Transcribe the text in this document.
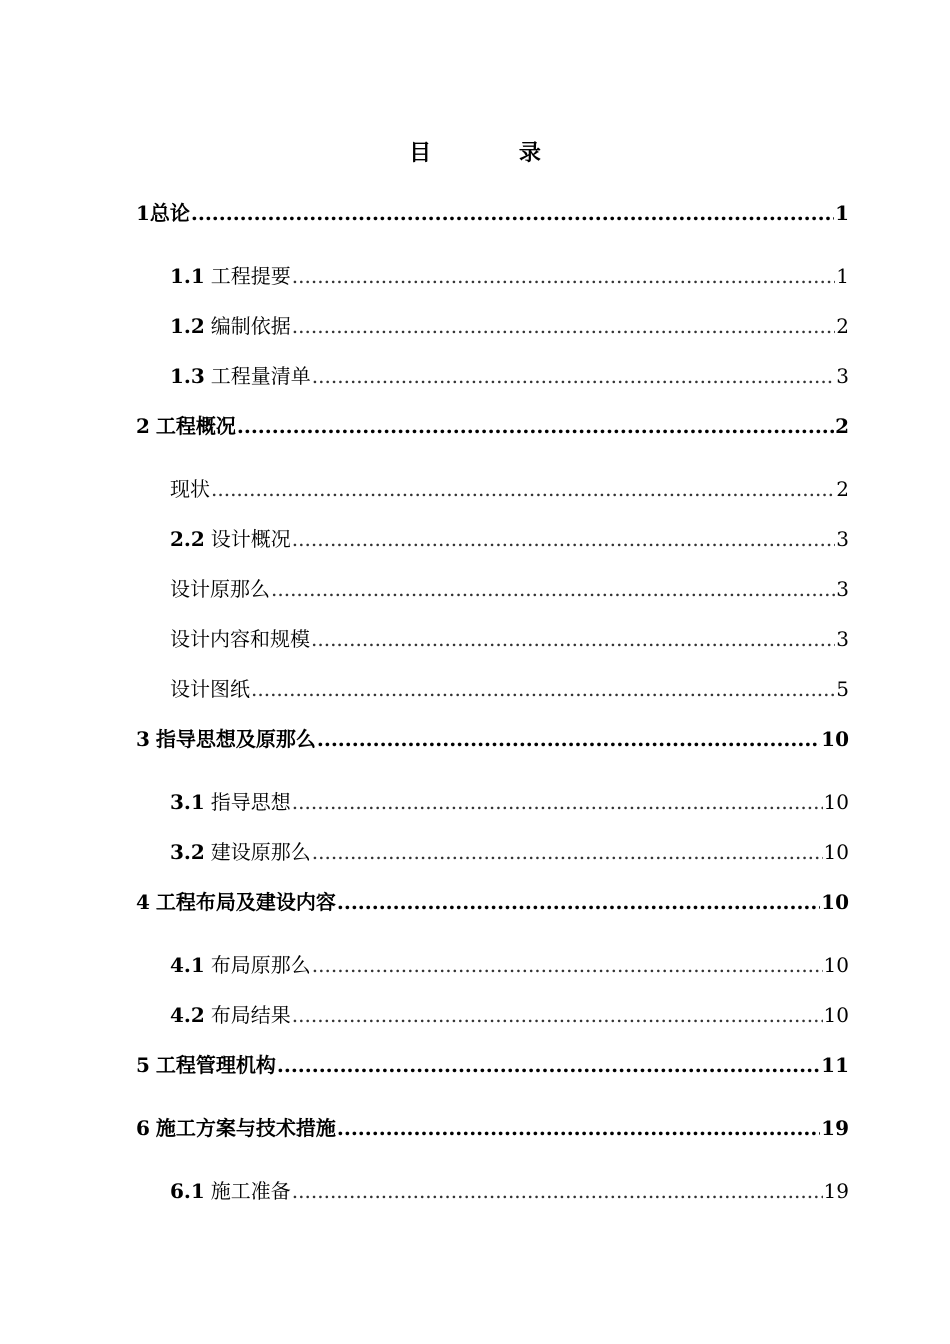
目 录
1 总论 .....	1
1.1 工程提要 .....	1
1.2 编制依据 .....	2
1.3 工程量清单 .....	3
2 工程概况 .....	2
现状 .....	2
2.2 设计概况 .....	3
设计原那么 .....	3
设计内容和规模 .....	3
设计图纸 .....	5
3 指导思想及原那么 .....	10
3.1 指导思想 .....	10
3.2 建设原那么 .....	10
4 工程布局及建设内容 .....	10
4.1 布局原那么 .....	10
4.2 布局结果 .....	10
5 工程管理机构 .....	11
6 施工方案与技术措施 .....	19
6.1 施工准备 .....	19
